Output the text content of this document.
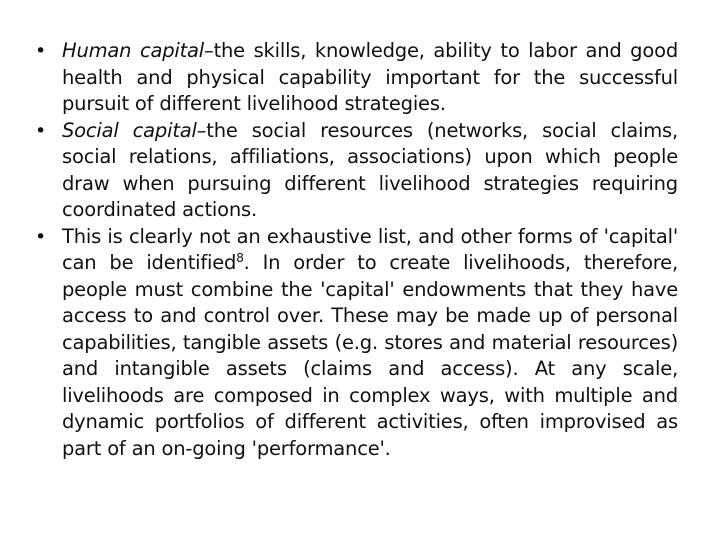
• Human capital–the skills, knowledge, ability to labor and good health and physical capability important for the successful pursuit of different livelihood strategies.
• Social capital–the social resources (networks, social claims, social relations, affiliations, associations) upon which people draw when pursuing different livelihood strategies requiring coordinated actions.
• This is clearly not an exhaustive list, and other forms of 'capital' can be identified$^8$. In order to create livelihoods, therefore, people must combine the 'capital' endowments that they have access to and control over. These may be made up of personal capabilities, tangible assets (e.g. stores and material resources) and intangible assets (claims and access). At any scale, livelihoods are composed in complex ways, with multiple and dynamic portfolios of different activities, often improvised as part of an on-going 'performance'.
